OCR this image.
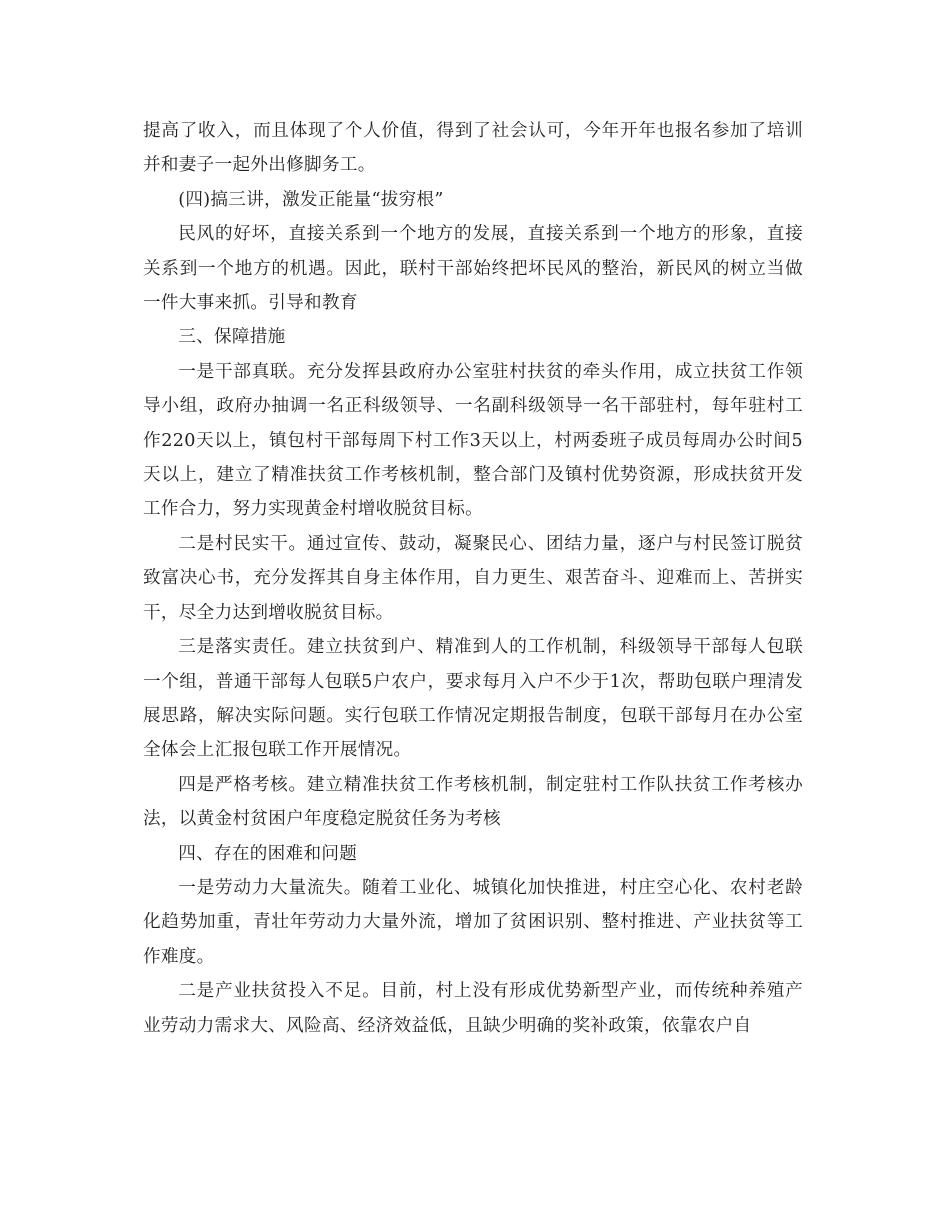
提高了收入，而且体现了个人价值，得到了社会认可，今年开年也报名参加了培训并和妻子一起外出修脚务工。

(四)搞三讲，激发正能量“拔穷根”

民风的好坏，直接关系到一个地方的发展，直接关系到一个地方的形象，直接关系到一个地方的机遇。因此，联村干部始终把坏民风的整治，新民风的树立当做一件大事来抓。引导和教育

三、保障措施

一是干部真联。充分发挥县政府办公室驻村扶贫的牵头作用，成立扶贫工作领导小组，政府办抽调一名正科级领导、一名副科级领导一名干部驻村，每年驻村工作220天以上，镇包村干部每周下村工作3天以上，村两委班子成员每周办公时间5天以上，建立了精准扶贫工作考核机制，整合部门及镇村优势资源，形成扶贫开发工作合力，努力实现黄金村增收脱贫目标。

二是村民实干。通过宣传、鼓动，凝聚民心、团结力量，逐户与村民签订脱贫致富决心书，充分发挥其自身主体作用，自力更生、艰苦奋斗、迎难而上、苦拼实干，尽全力达到增收脱贫目标。

三是落实责任。建立扶贫到户、精准到人的工作机制，科级领导干部每人包联一个组，普通干部每人包联5户农户，要求每月入户不少于1次，帮助包联户理清发展思路，解决实际问题。实行包联工作情况定期报告制度，包联干部每月在办公室全体会上汇报包联工作开展情况。

四是严格考核。建立精准扶贫工作考核机制，制定驻村工作队扶贫工作考核办法，以黄金村贫困户年度稳定脱贫任务为考核

四、存在的困难和问题

一是劳动力大量流失。随着工业化、城镇化加快推进，村庄空心化、农村老龄化趋势加重，青壮年劳动力大量外流，增加了贫困识别、整村推进、产业扶贫等工作难度。

二是产业扶贫投入不足。目前，村上没有形成优势新型产业，而传统种养殖产业劳动力需求大、风险高、经济效益低，且缺少明确的奖补政策，依靠农户自
